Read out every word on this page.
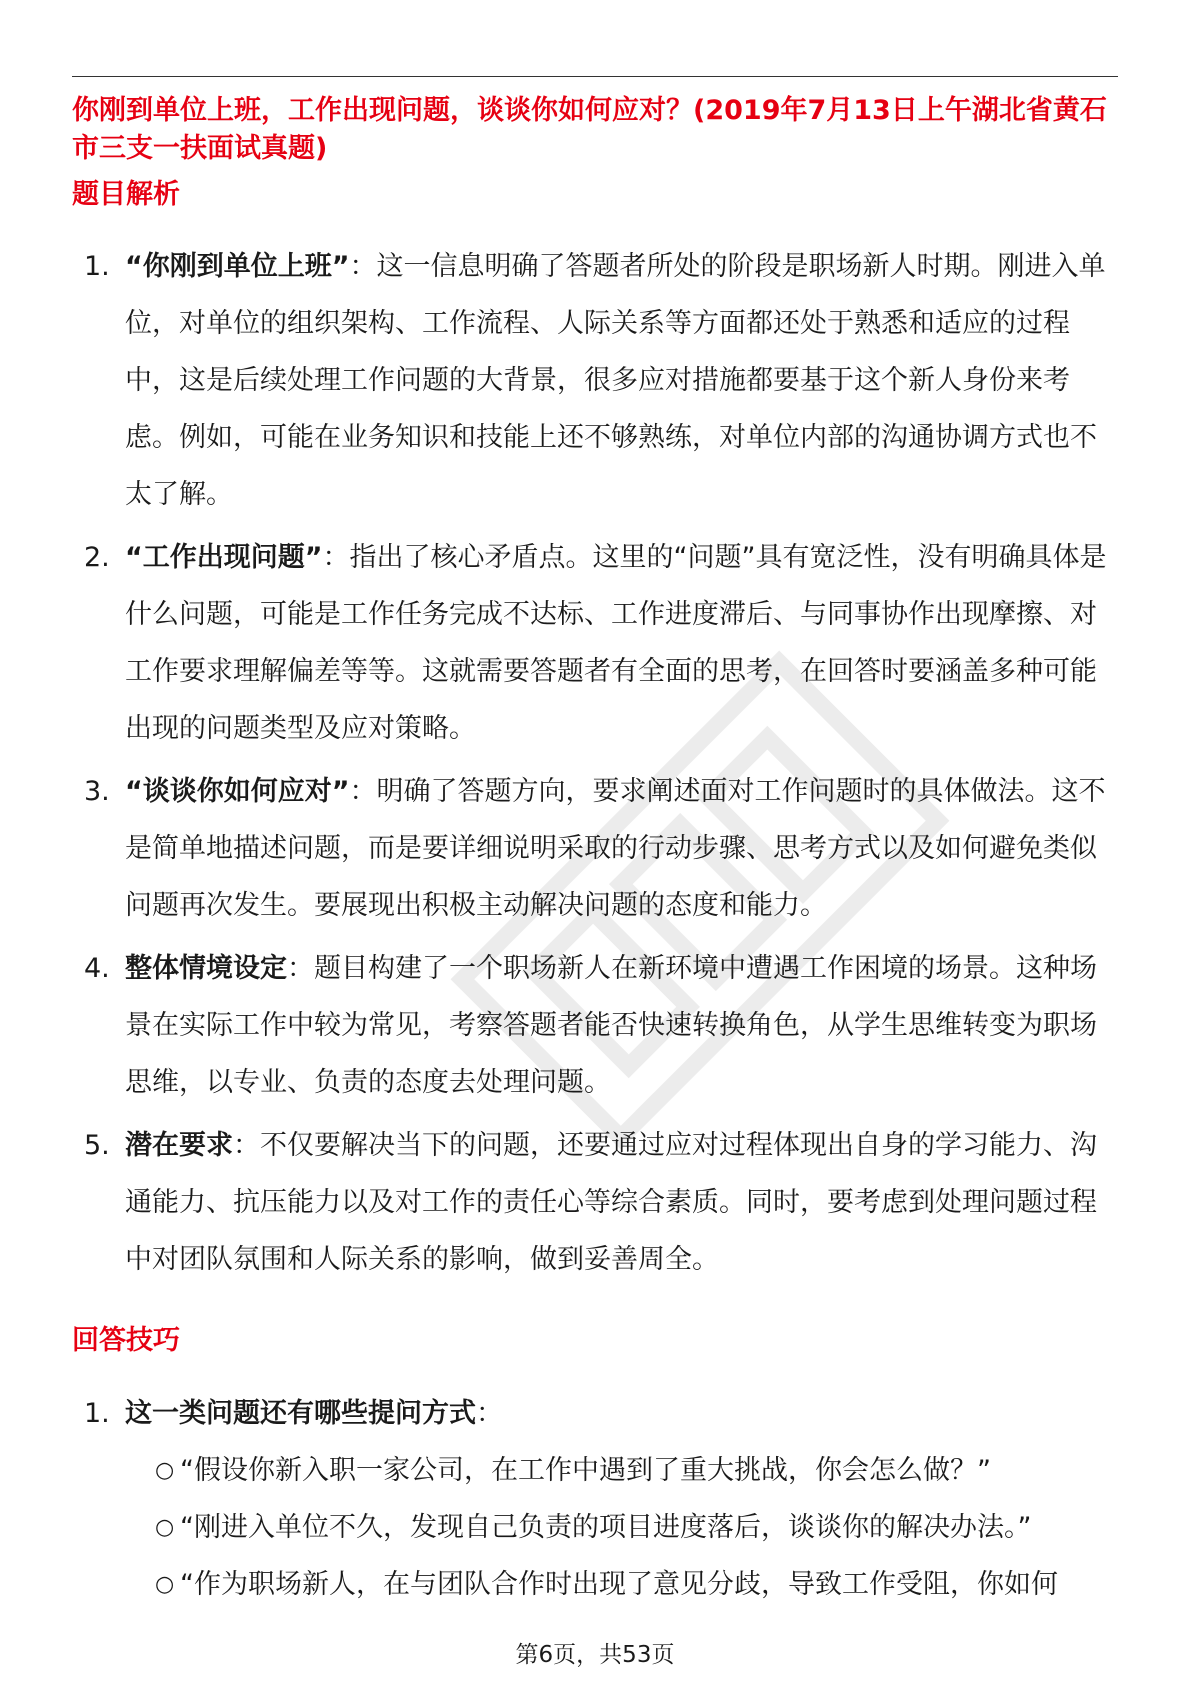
你刚到单位上班，工作出现问题，谈谈你如何应对？(2019年7月13日上午湖北省黄石市三支一扶面试真题)
题目解析
1. “你刚到单位上班”：这一信息明确了答题者所处的阶段是职场新人时期。刚进入单位，对单位的组织架构、工作流程、人际关系等方面都还处于熟悉和适应的过程中，这是后续处理工作问题的大背景，很多应对措施都要基于这个新人身份来考虑。例如，可能在业务知识和技能上还不够熟练，对单位内部的沟通协调方式也不太了解。
2. “工作出现问题”：指出了核心矛盾点。这里的“问题”具有宽泛性，没有明确具体是什么问题，可能是工作任务完成不达标、工作进度滞后、与同事协作出现摩擦、对工作要求理解偏差等等。这就需要答题者有全面的思考，在回答时要涵盖多种可能出现的问题类型及应对策略。
3. “谈谈你如何应对”：明确了答题方向，要求阐述面对工作问题时的具体做法。这不是简单地描述问题，而是要详细说明采取的行动步骤、思考方式以及如何避免类似问题再次发生。要展现出积极主动解决问题的态度和能力。
4. 整体情境设定：题目构建了一个职场新人在新环境中遭遇工作困境的场景。这种场景在实际工作中较为常见，考察答题者能否快速转换角色，从学生思维转变为职场思维，以专业、负责的态度去处理问题。
5. 潜在要求：不仅要解决当下的问题，还要通过应对过程体现出自身的学习能力、沟通能力、抗压能力以及对工作的责任心等综合素质。同时，要考虑到处理问题过程中对团队氛围和人际关系的影响，做到妥善周全。
回答技巧
1. 这一类问题还有哪些提问方式：
○ “假设你新入职一家公司，在工作中遇到了重大挑战，你会怎么做？”
○ “刚进入单位不久，发现自己负责的项目进度落后，谈谈你的解决办法。”
○ “作为职场新人，在与团队合作时出现了意见分歧，导致工作受阻，你如何
第6页，共53页
